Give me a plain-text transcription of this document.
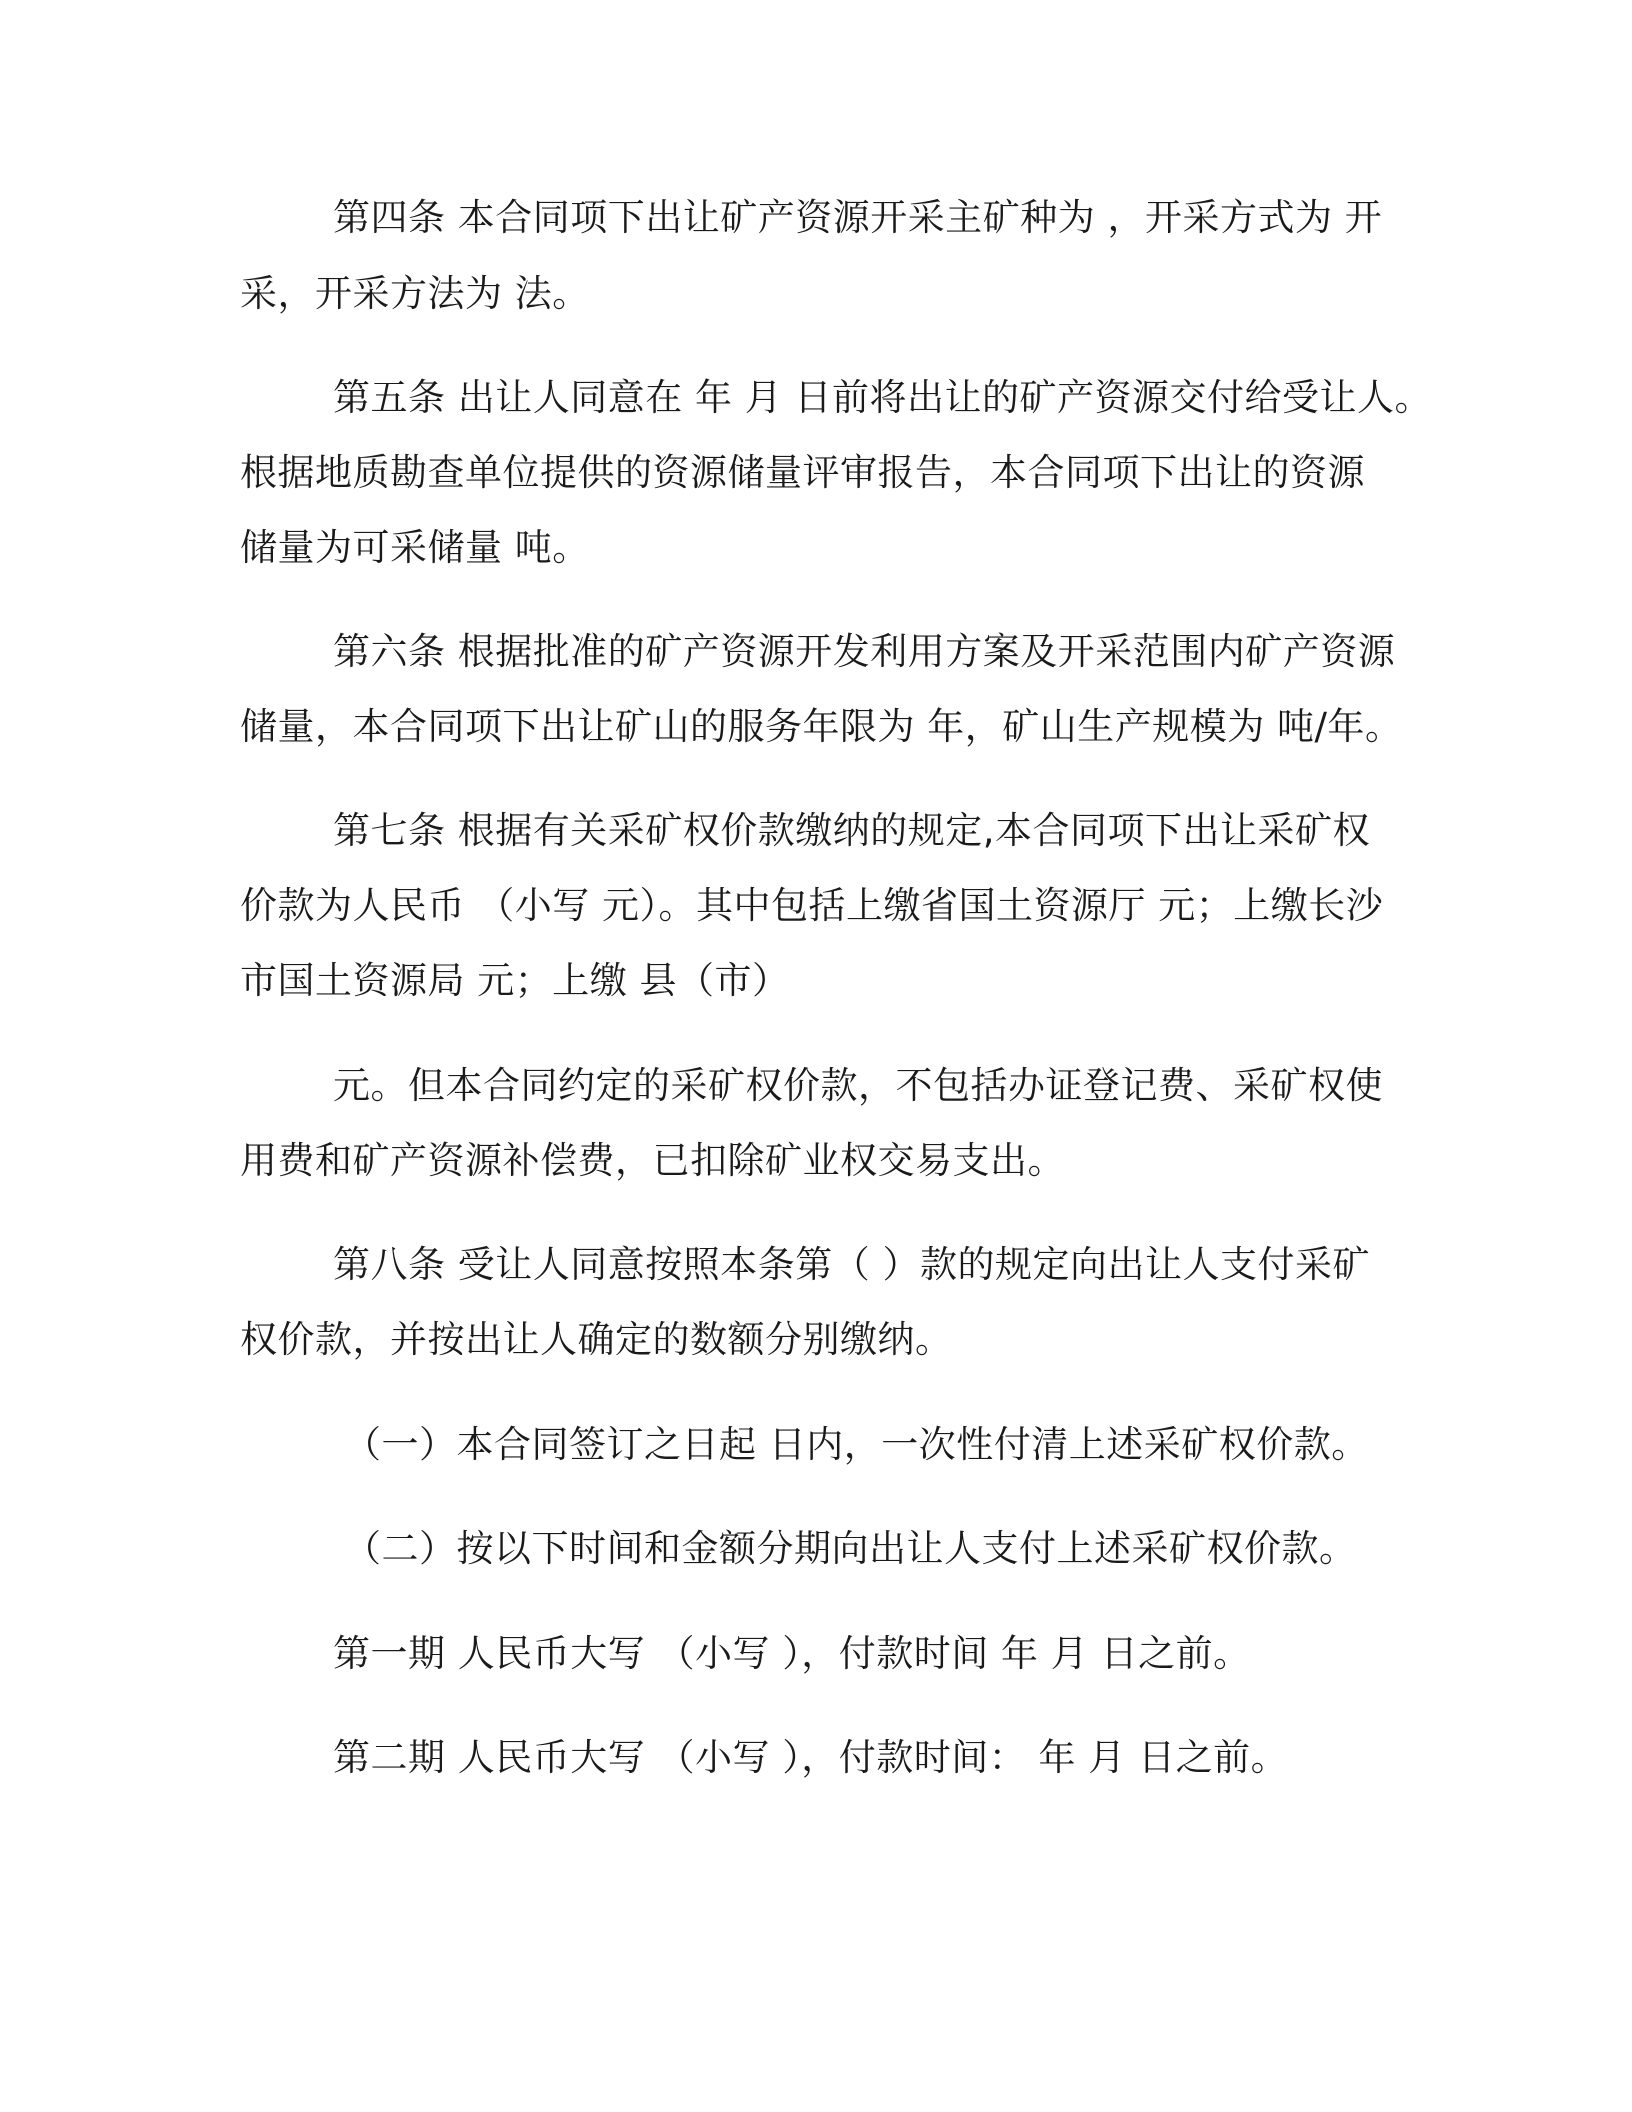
第四条 本合同项下出让矿产资源开采主矿种为 ，开采方式为 开
采，开采方法为 法。
第五条 出让人同意在 年 月 日前将出让的矿产资源交付给受让人。
根据地质勘查单位提供的资源储量评审报告，本合同项下出让的资源
储量为可采储量 吨。
第六条 根据批准的矿产资源开发利用方案及开采范围内矿产资源
储量，本合同项下出让矿山的服务年限为 年，矿山生产规模为 吨/年。
第七条 根据有关采矿权价款缴纳的规定,本合同项下出让采矿权
价款为人民币 （小写 元）。其中包括上缴省国土资源厅 元；上缴长沙
市国土资源局 元；上缴 县（市）
元。但本合同约定的采矿权价款，不包括办证登记费、采矿权使
用费和矿产资源补偿费，已扣除矿业权交易支出。
第八条 受让人同意按照本条第（ ）款的规定向出让人支付采矿
权价款，并按出让人确定的数额分别缴纳。
（一）本合同签订之日起 日内，一次性付清上述采矿权价款。
（二）按以下时间和金额分期向出让人支付上述采矿权价款。
第一期 人民币大写 （小写 ），付款时间 年 月 日之前。
第二期 人民币大写 （小写 ），付款时间： 年 月 日之前。
